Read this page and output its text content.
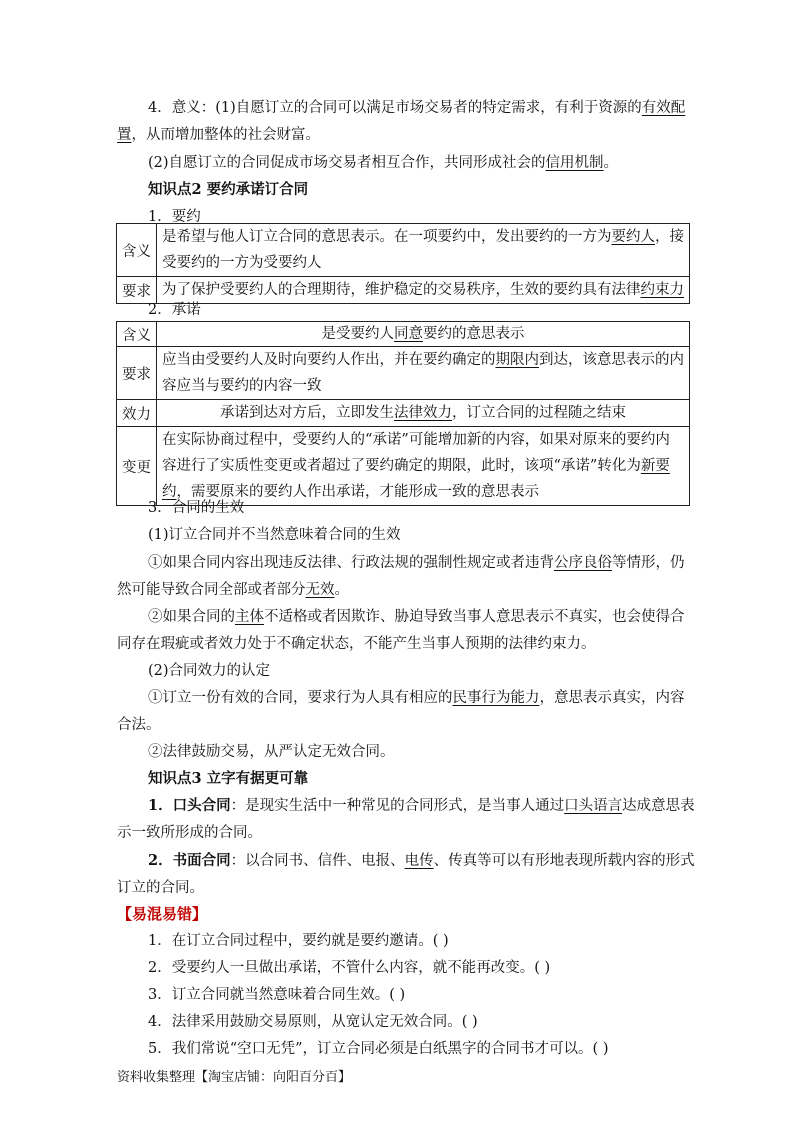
4．意义：(1)自愿订立的合同可以满足市场交易者的特定需求，有利于资源的有效配
置，从而增加整体的社会财富。
(2)自愿订立的合同促成市场交易者相互合作，共同形成社会的信用机制。
知识点2 要约承诺订合同
1．要约
含义	是希望与他人订立合同的意思表示。在一项要约中，发出要约的一方为要约人，接
受要约的一方为受要约人

要求	为了保护受要约人的合理期待，维护稳定的交易秩序，生效的要约具有法律约束力
2．承诺
含义	是受要约人同意要约的意思表示

要求	应当由受要约人及时向要约人作出，并在要约确定的期限内到达，该意思表示的内
容应当与要约的内容一致

效力	承诺到达对方后，立即发生法律效力，订立合同的过程随之结束

变更	在实际协商过程中，受要约人的“承诺”可能增加新的内容，如果对原来的要约内
容进行了实质性变更或者超过了要约确定的期限，此时，该项“承诺”转化为新要
约，需要原来的要约人作出承诺，才能形成一致的意思表示
3．合同的生效
(1)订立合同并不当然意味着合同的生效
①如果合同内容出现违反法律、行政法规的强制性规定或者违背公序良俗等情形，仍
然可能导致合同全部或者部分无效。
②如果合同的主体不适格或者因欺诈、胁迫导致当事人意思表示不真实，也会使得合
同存在瑕疵或者效力处于不确定状态，不能产生当事人预期的法律约束力。
(2)合同效力的认定
①订立一份有效的合同，要求行为人具有相应的民事行为能力，意思表示真实，内容
合法。
②法律鼓励交易，从严认定无效合同。
知识点3 立字有据更可靠
1．口头合同：是现实生活中一种常见的合同形式，是当事人通过口头语言达成意思表
示一致所形成的合同。
2．书面合同：以合同书、信件、电报、电传、传真等可以有形地表现所载内容的形式
订立的合同。
【易混易错】
1．在订立合同过程中，要约就是要约邀请。( )
2．受要约人一旦做出承诺，不管什么内容，就不能再改变。( )
3．订立合同就当然意味着合同生效。( )
4．法律采用鼓励交易原则，从宽认定无效合同。( )
5．我们常说“空口无凭”，订立合同必须是白纸黑字的合同书才可以。( )
资料收集整理【淘宝店铺：向阳百分百】
